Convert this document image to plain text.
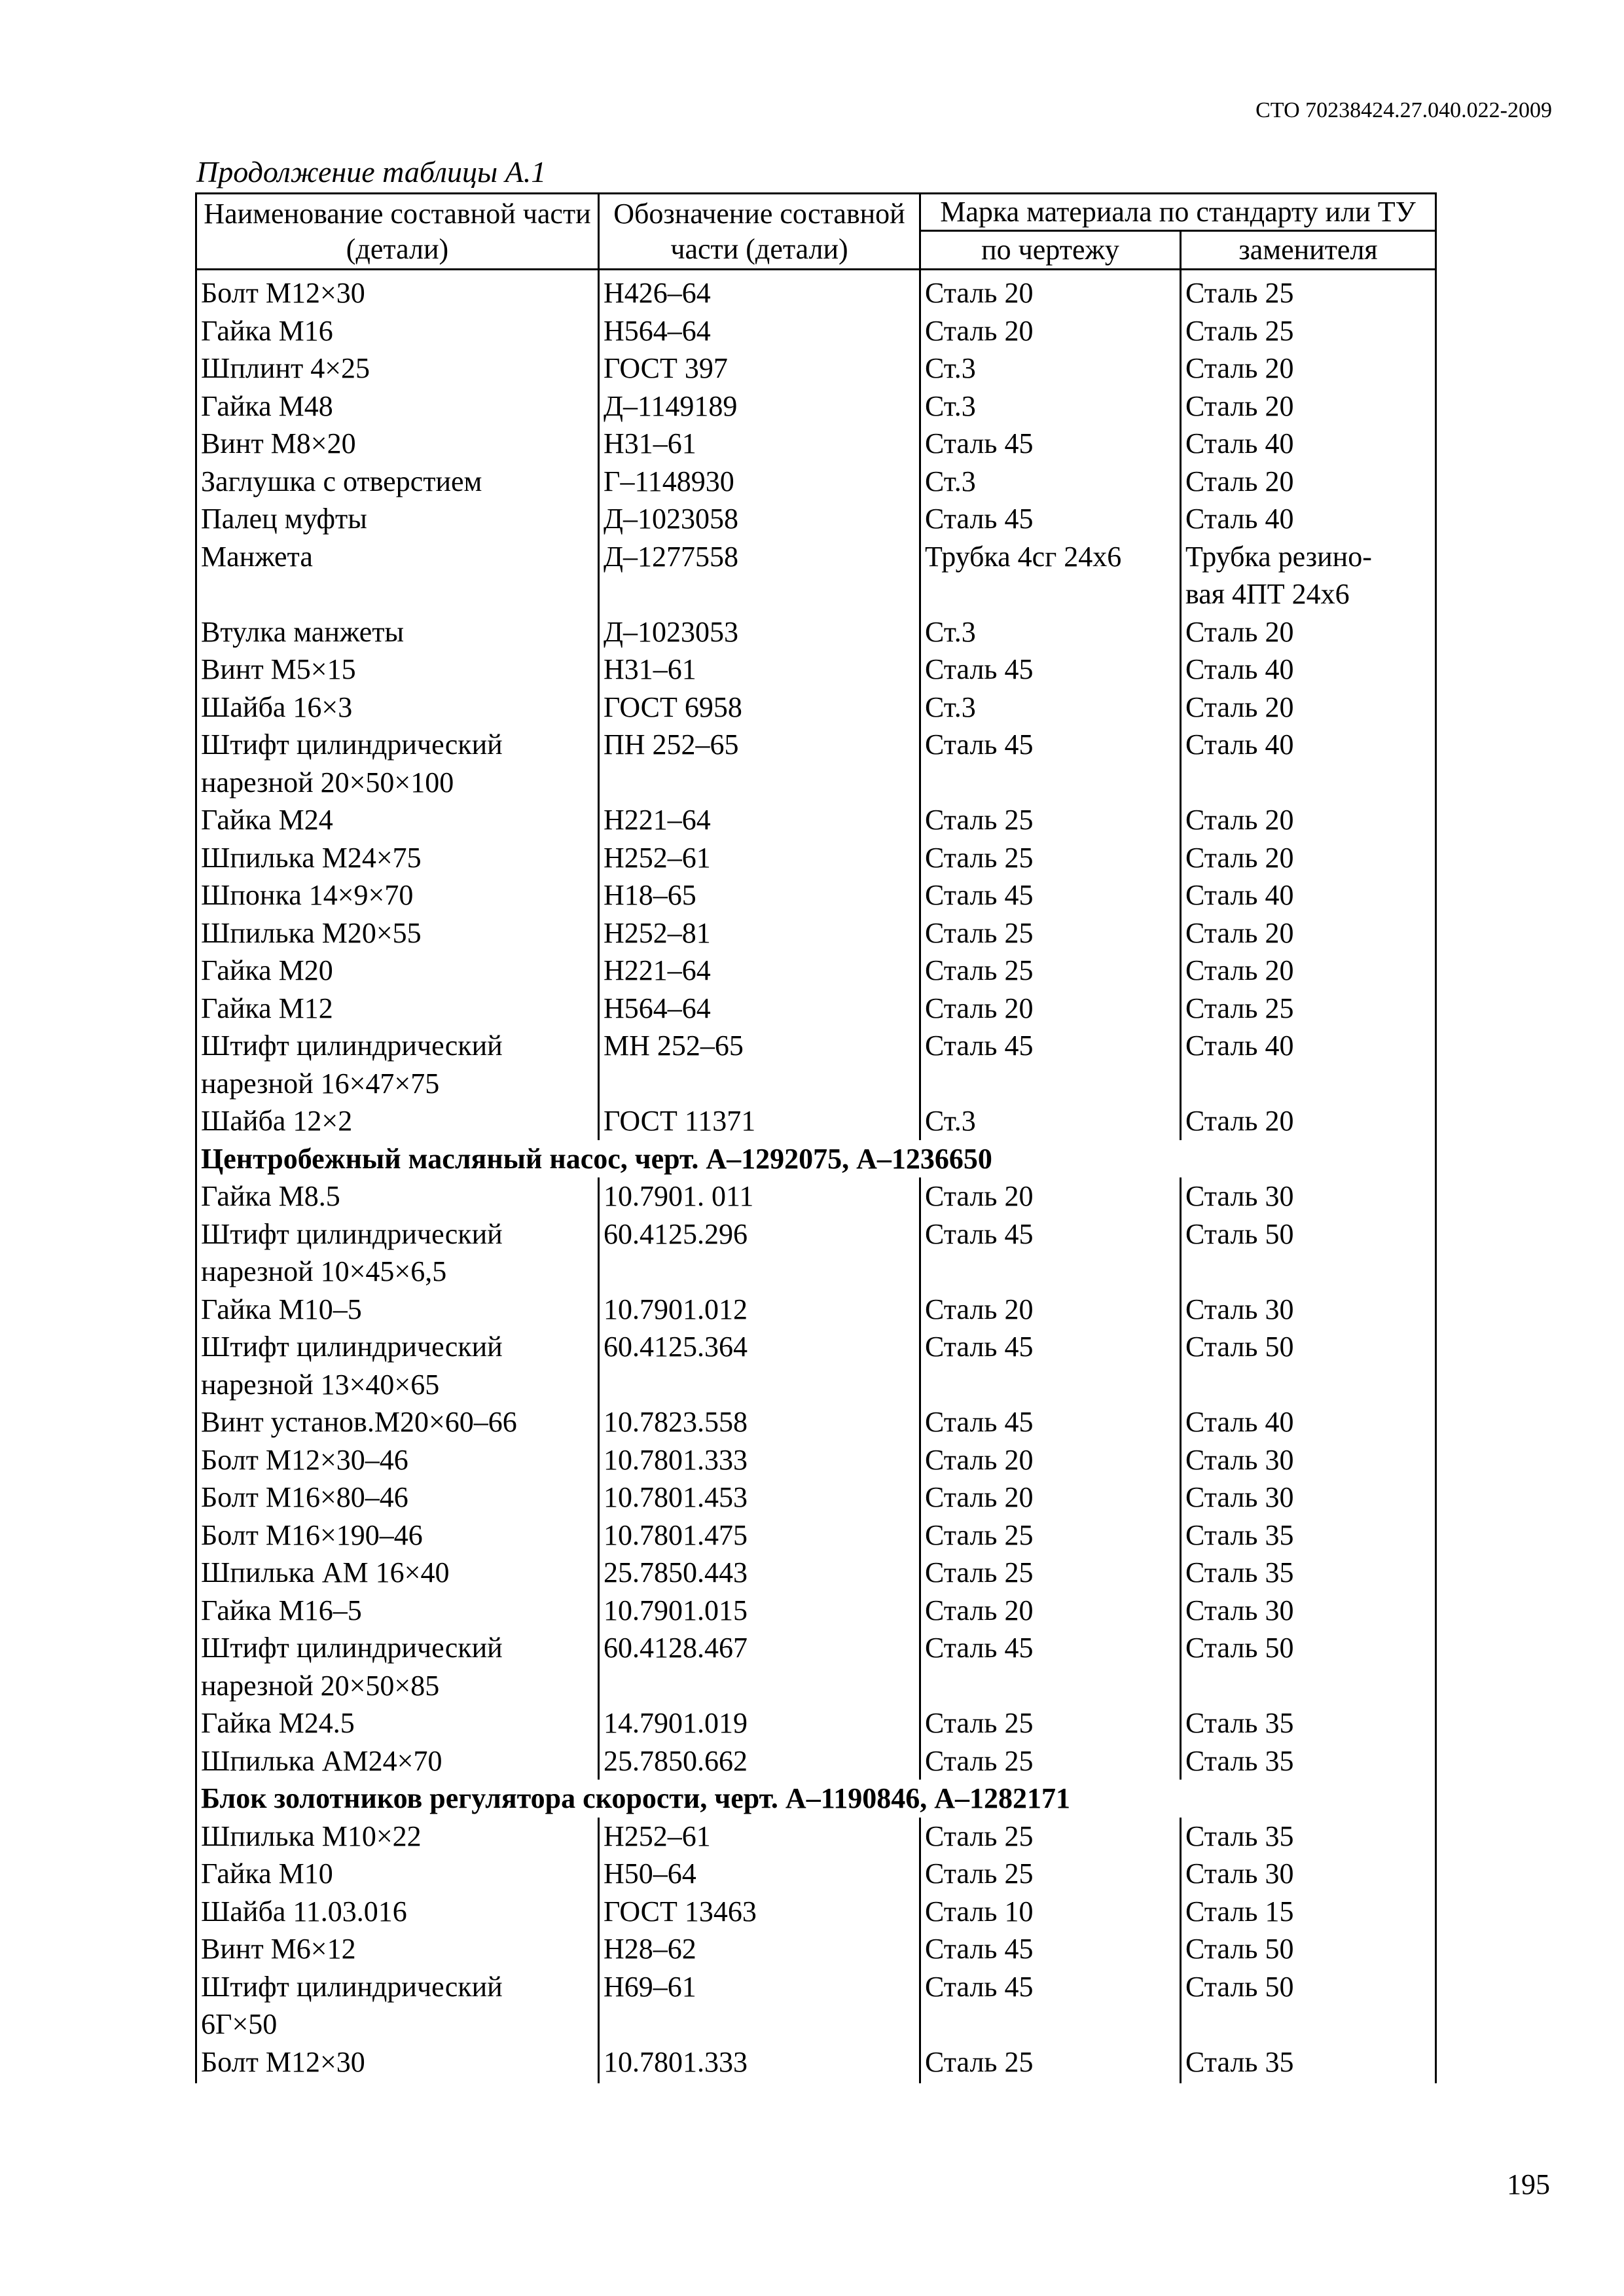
СТО 70238424.27.040.022-2009
Продолжение таблицы А.1
Наименование составной части (детали)	Обозначение составной части (детали)	Марка материала по стандарту или ТУ	
		по чертежу	заменителя
Болт М12×30	Н426–64	Сталь 20	Сталь 25
Гайка М16	Н564–64	Сталь 20	Сталь 25
Шплинт 4×25	ГОСТ 397	Ст.3	Сталь 20
Гайка М48	Д–1149189	Ст.3	Сталь 20
Винт М8×20	Н31–61	Сталь 45	Сталь 40
Заглушка с отверстием	Г–1148930	Ст.3	Сталь 20
Палец муфты	Д–1023058	Сталь 45	Сталь 40
Манжета	Д–1277558	Трубка 4сг 24х6	Трубка резино-
			вая 4ПТ 24х6
Втулка манжеты	Д–1023053	Ст.3	Сталь 20
Винт М5×15	Н31–61	Сталь 45	Сталь 40
Шайба 16×3	ГОСТ 6958	Ст.3	Сталь 20
Штифт цилиндрический	ПН 252–65	Сталь 45	Сталь 40
нарезной 20×50×100			
Гайка М24	Н221–64	Сталь 25	Сталь 20
Шпилька М24×75	Н252–61	Сталь 25	Сталь 20
Шпонка 14×9×70	Н18–65	Сталь 45	Сталь 40
Шпилька М20×55	Н252–81	Сталь 25	Сталь 20
Гайка М20	Н221–64	Сталь 25	Сталь 20
Гайка М12	Н564–64	Сталь 20	Сталь 25
Штифт цилиндрический	МН 252–65	Сталь 45	Сталь 40
нарезной 16×47×75			
Шайба 12×2	ГОСТ 11371	Ст.3	Сталь 20
Центробежный масляный насос, черт. А–1292075, А–1236650			
Гайка М8.5	10.7901. 011	Сталь 20	Сталь 30
Штифт цилиндрический	60.4125.296	Сталь 45	Сталь 50
нарезной 10×45×6,5			
Гайка М10–5	10.7901.012	Сталь 20	Сталь 30
Штифт цилиндрический	60.4125.364	Сталь 45	Сталь 50
нарезной 13×40×65			
Винт установ.М20×60–66	10.7823.558	Сталь 45	Сталь 40
Болт М12×30–46	10.7801.333	Сталь 20	Сталь 30
Болт М16×80–46	10.7801.453	Сталь 20	Сталь 30
Болт М16×190–46	10.7801.475	Сталь 25	Сталь 35
Шпилька АМ 16×40	25.7850.443	Сталь 25	Сталь 35
Гайка М16–5	10.7901.015	Сталь 20	Сталь 30
Штифт цилиндрический	60.4128.467	Сталь 45	Сталь 50
нарезной 20×50×85			
Гайка М24.5	14.7901.019	Сталь 25	Сталь 35
Шпилька АМ24×70	25.7850.662	Сталь 25	Сталь 35
Блок золотников регулятора скорости, черт. А–1190846, А–1282171			
Шпилька М10×22	Н252–61	Сталь 25	Сталь 35
Гайка М10	Н50–64	Сталь 25	Сталь 30
Шайба 11.03.016	ГОСТ 13463	Сталь 10	Сталь 15
Винт М6×12	Н28–62	Сталь 45	Сталь 50
Штифт цилиндрический	Н69–61	Сталь 45	Сталь 50
6Г×50			
Болт М12×30	10.7801.333	Сталь 25	Сталь 35
195
